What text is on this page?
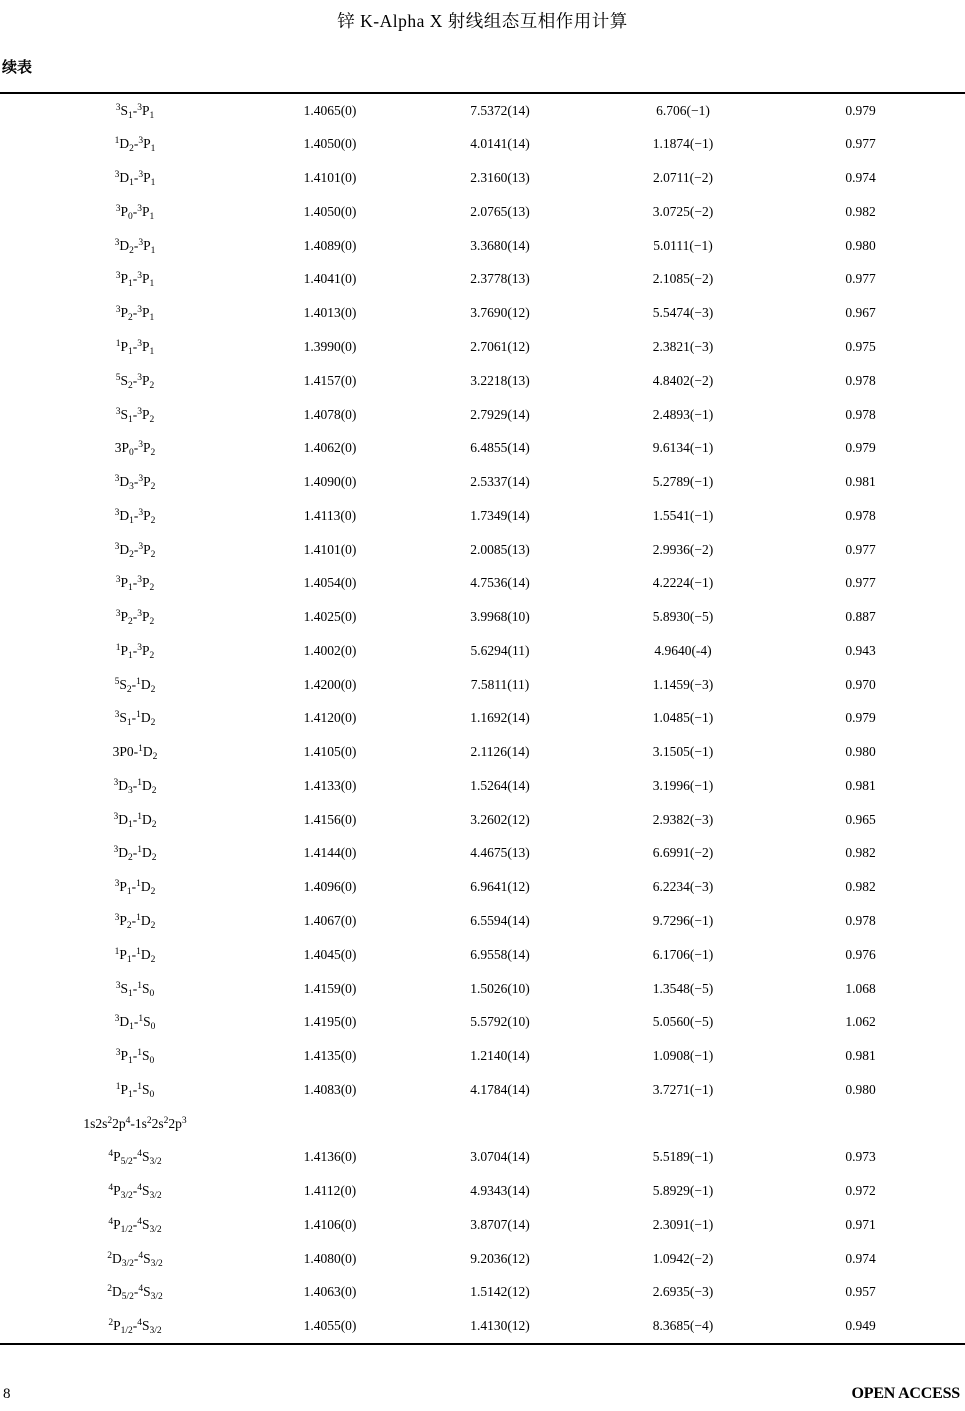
锌 K-Alpha X 射线组态互相作用计算
续表
$^3S_1-^3P_1$	1.4065(0)	7.5372(14)	6.706(−1)	0.979
$^1D_2-^3P_1$	1.4050(0)	4.0141(14)	1.1874(−1)	0.977
$^3D_1-^3P_1$	1.4101(0)	2.3160(13)	2.0711(−2)	0.974
$^3P_0-^3P_1$	1.4050(0)	2.0765(13)	3.0725(−2)	0.982
$^3D_2-^3P_1$	1.4089(0)	3.3680(14)	5.0111(−1)	0.980
$^3P_1-^3P_1$	1.4041(0)	2.3778(13)	2.1085(−2)	0.977
$^3P_2-^3P_1$	1.4013(0)	3.7690(12)	5.5474(−3)	0.967
$^1P_1-^3P_1$	1.3990(0)	2.7061(12)	2.3821(−3)	0.975
$^5S_2-^3P_2$	1.4157(0)	3.2218(13)	4.8402(−2)	0.978
$^3S_1-^3P_2$	1.4078(0)	2.7929(14)	2.4893(−1)	0.978
$3P_0-^3P_2$	1.4062(0)	6.4855(14)	9.6134(−1)	0.979
$^3D_3-^3P_2$	1.4090(0)	2.5337(14)	5.2789(−1)	0.981
$^3D_1-^3P_2$	1.4113(0)	1.7349(14)	1.5541(−1)	0.978
$^3D_2-^3P_2$	1.4101(0)	2.0085(13)	2.9936(−2)	0.977
$^3P_1-^3P_2$	1.4054(0)	4.7536(14)	4.2224(−1)	0.977
$^3P_2-^3P_2$	1.4025(0)	3.9968(10)	5.8930(−5)	0.887
$^1P_1-^3P_2$	1.4002(0)	5.6294(11)	4.9640(-4)	0.943
$^5S_2-^1D_2$	1.4200(0)	7.5811(11)	1.1459(−3)	0.970
$^3S_1-^1D_2$	1.4120(0)	1.1692(14)	1.0485(−1)	0.979
$3P0-^1D_2$	1.4105(0)	2.1126(14)	3.1505(−1)	0.980
$^3D_3-^1D_2$	1.4133(0)	1.5264(14)	3.1996(−1)	0.981
$^3D_1-^1D_2$	1.4156(0)	3.2602(12)	2.9382(−3)	0.965
$^3D_2-^1D_2$	1.4144(0)	4.4675(13)	6.6991(−2)	0.982
$^3P_1-^1D_2$	1.4096(0)	6.9641(12)	6.2234(−3)	0.982
$^3P_2-^1D_2$	1.4067(0)	6.5594(14)	9.7296(−1)	0.978
$^1P_1-^1D_2$	1.4045(0)	6.9558(14)	6.1706(−1)	0.976
$^3S_1-^1S_0$	1.4159(0)	1.5026(10)	1.3548(−5)	1.068
$^3D_1-^1S_0$	1.4195(0)	5.5792(10)	5.0560(−5)	1.062
$^3P_1-^1S_0$	1.4135(0)	1.2140(14)	1.0908(−1)	0.981
$^1P_1-^1S_0$	1.4083(0)	4.1784(14)	3.7271(−1)	0.980
$1s2s^22p^4-1s^22s^22p^3$
$^4P_{5/2}-^4S_{3/2}$	1.4136(0)	3.0704(14)	5.5189(−1)	0.973
$^4P_{3/2}-^4S_{3/2}$	1.4112(0)	4.9343(14)	5.8929(−1)	0.972
$^4P_{1/2}-^4S_{3/2}$	1.4106(0)	3.8707(14)	2.3091(−1)	0.971
$^2D_{3/2}-^4S_{3/2}$	1.4080(0)	9.2036(12)	1.0942(−2)	0.974
$^2D_{5/2}-^4S_{3/2}$	1.4063(0)	1.5142(12)	2.6935(−3)	0.957
$^2P_{1/2}-^4S_{3/2}$	1.4055(0)	1.4130(12)	8.3685(−4)	0.949
8	OPEN ACCESS
